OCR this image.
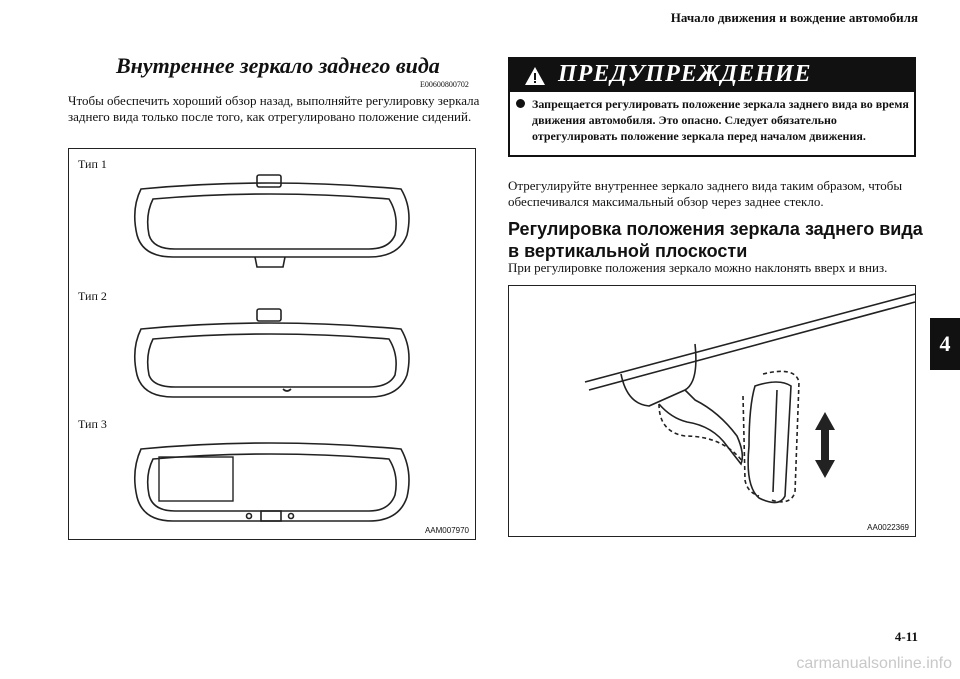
Начало движения и вождение автомобиля
4
Внутреннее зеркало заднего вида
E00600800702
Чтобы обеспечить хороший обзор назад, выполняйте регулировку зеркала заднего вида только после того, как отрегулировано положение сидений.
Тип 1
Тип 2
Тип 3
AAM007970
ПРЕДУПРЕЖДЕНИЕ
Запрещается регулировать положение зеркала заднего вида во время движения автомобиля. Это опасно. Следует обязательно отрегулировать положение зеркала перед началом движения.
Отрегулируйте внутреннее зеркало заднего вида таким образом, чтобы обеспечивался максимальный обзор через заднее стекло.
Регулировка положения зеркала заднего вида
в вертикальной плоскости
При регулировке положения зеркало можно наклонять вверх и вниз.
AA0022369
4-11
carmanualsonline.info
